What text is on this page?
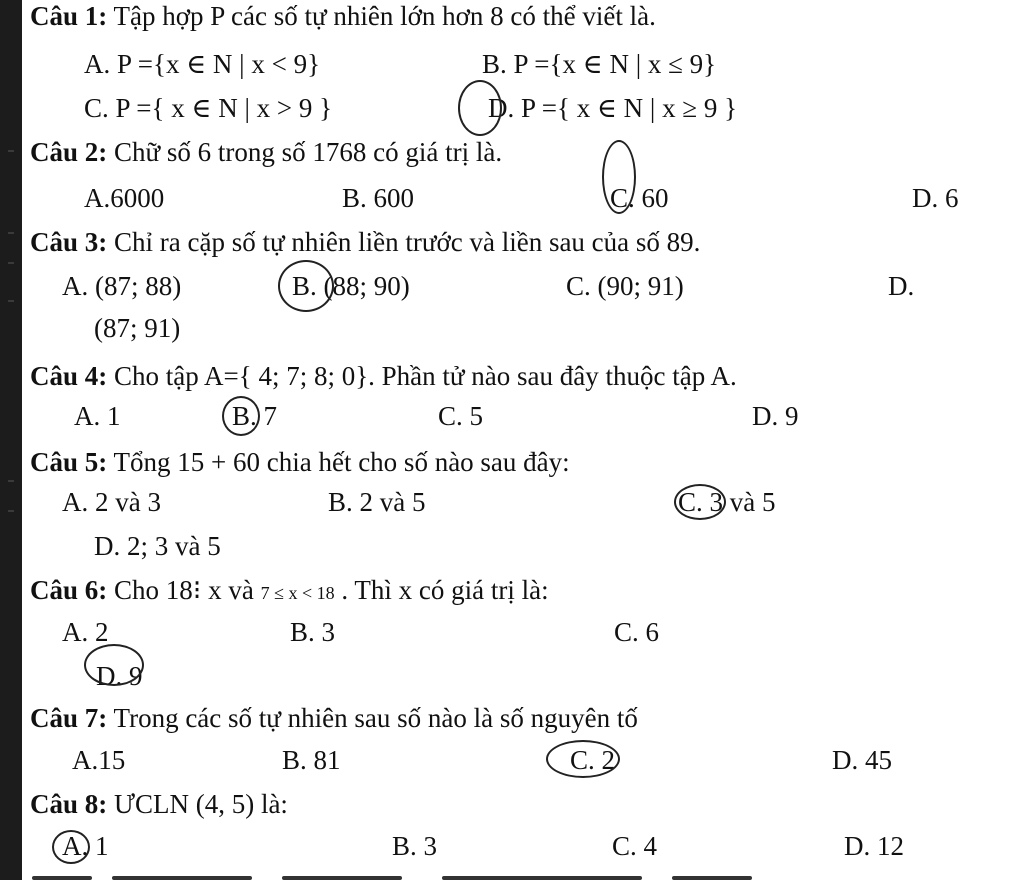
Câu 1: Tập hợp P các số tự nhiên lớn hơn 8 có thể viết là.
A. P ={x ∈ N | x < 9}	B. P ={x ∈ N | x ≤ 9}
C. P ={ x ∈ N | x > 9 }	D. P ={ x ∈ N | x ≥ 9 }
Câu 2: Chữ số 6 trong số 1768 có giá trị là.
A.6000	B. 600	C. 60	D. 6
Câu 3: Chỉ ra cặp số tự nhiên liền trước và liền sau của số 89.
A. (87; 88)	B. (88; 90)	C. (90; 91)	D.
(87; 91)
Câu 4: Cho tập A={ 4; 7; 8; 0}. Phần tử nào sau đây thuộc tập A.
A. 1	B. 7	C. 5	D. 9
Câu 5: Tổng 15 + 60 chia hết cho số nào sau đây:
A. 2 và 3	B. 2 và 5	C. 3 và 5
D. 2; 3 và 5
Câu 6: Cho 18⁝ x và 7 ≤ x < 18 . Thì x có giá trị là:
A. 2	B. 3	C. 6
D. 9
Câu 7: Trong các số tự nhiên sau số nào là số nguyên tố
A.15	B. 81	C. 2	D. 45
Câu 8: ƯCLN (4, 5) là:
A. 1	B. 3	C. 4	D. 12
